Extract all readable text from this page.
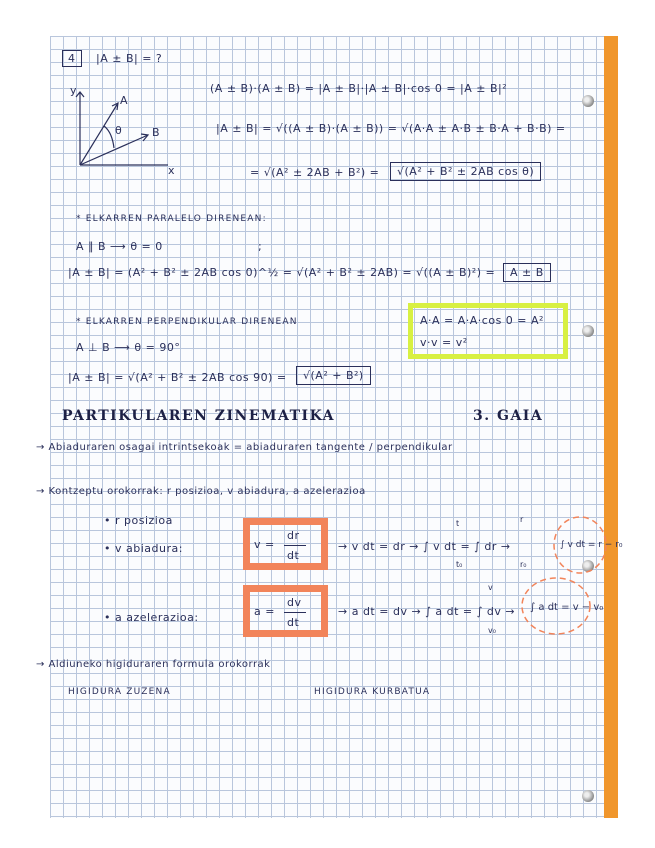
4	|A ± B| = ?
y
x
A
B
θ
(A ± B)·(A ± B) = |A ± B|·|A ± B|·cos 0 = |A ± B|²
|A ± B| = √((A ± B)·(A ± B)) = √(A·A ± A·B ± B·A + B·B) =
= √(A² ± 2AB + B²) =	√(A² + B² ± 2AB cos θ)
* ELKARREN PARALELO DIRENEAN:
A ∥ B ⟶ θ = 0	;
|A ± B| = (A² + B² ± 2AB cos 0)^½ = √(A² + B² ± 2AB) = √((A ± B)²) =	A ± B
* ELKARREN PERPENDIKULAR DIRENEAN
A ⊥ B ⟶ θ = 90°
|A ± B| = √(A² + B² ± 2AB cos 90) =	√(A² + B²)
A·A = A·A·cos 0 = A²
v·v = v²
PARTIKULAREN ZINEMATIKA	3. GAIA
→ Abiaduraren osagai intrintsekoak = abiaduraren tangente / perpendikular
→ Kontzeptu orokorrak: r posizioa, v abiadura, a azelerazioa
• r posizioa
• v abiadura:
• a azelerazioa:
v =
dr
dt
a =
dv
dt
→ v dt = dr → ∫ v dt = ∫ dr →
→ a dt = dv → ∫ a dt = ∫ dv →
t
t₀
r
r₀
v
v₀
∫ v dt = r − r₀
∫ a dt = v − v₀
→ Aldiuneko higiduraren formula orokorrak
HIGIDURA ZUZENA	HIGIDURA KURBATUA
